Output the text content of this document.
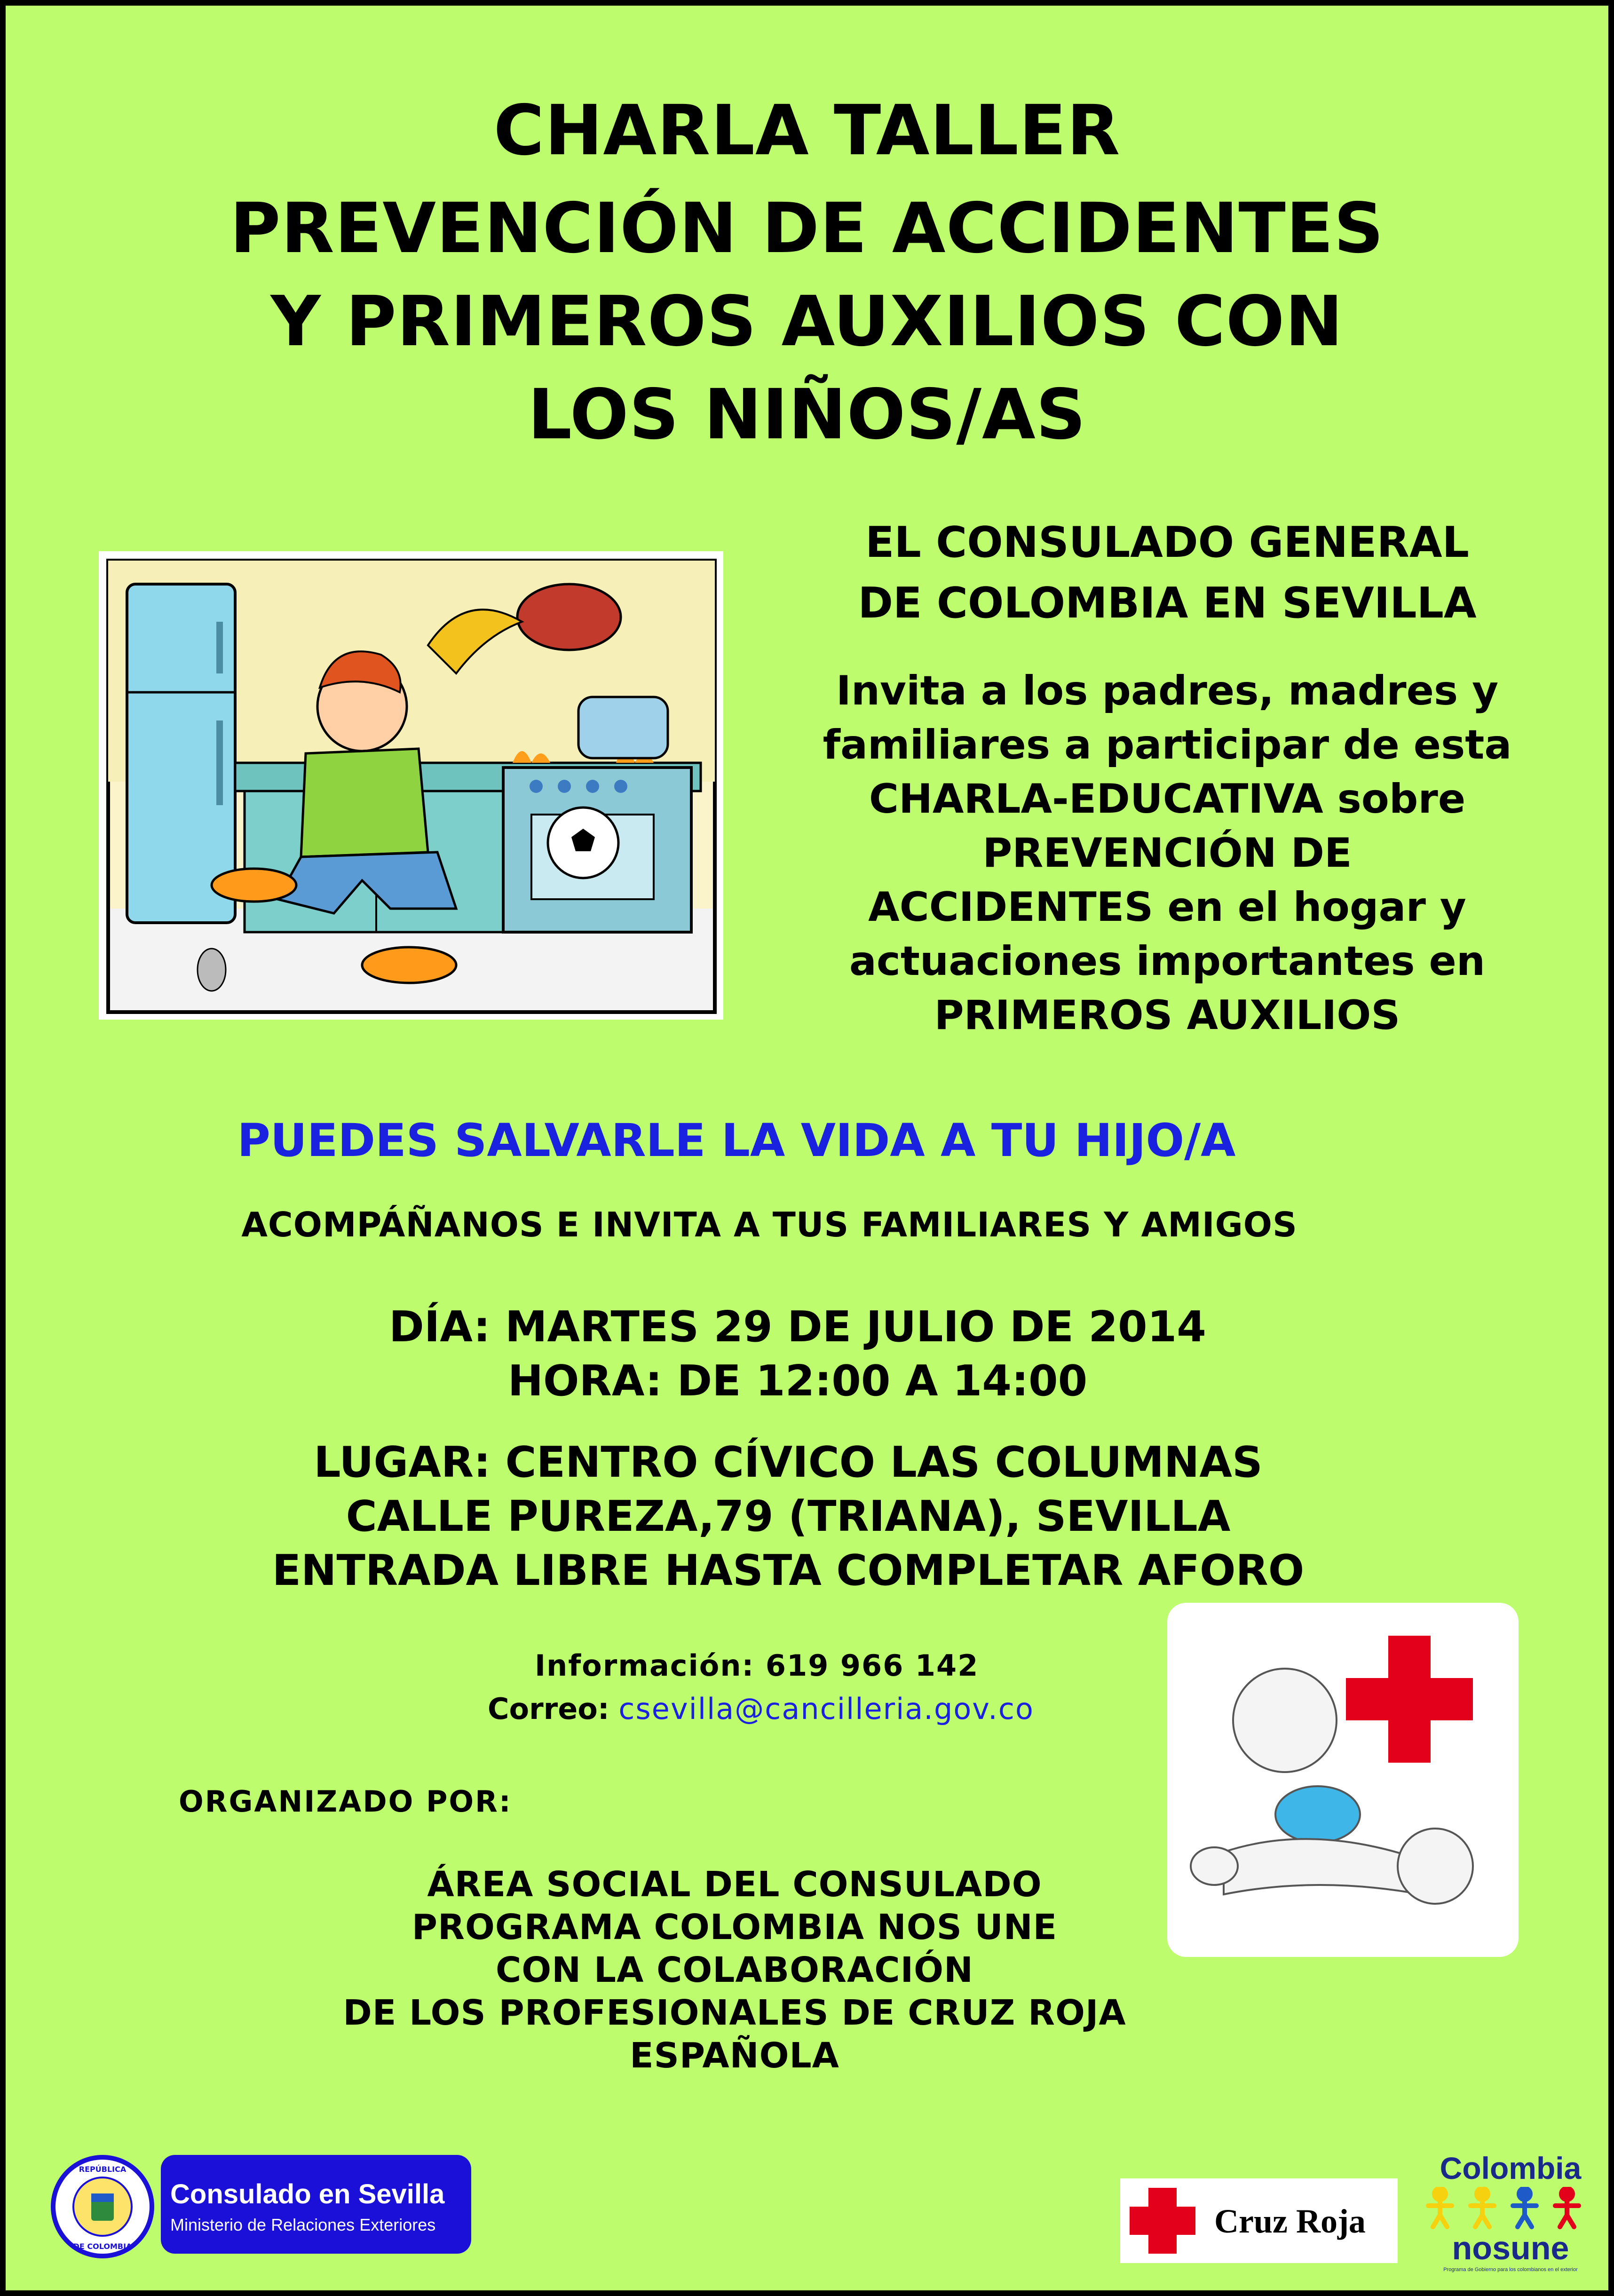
CHARLA TALLER
PREVENCIÓN DE ACCIDENTES
Y PRIMEROS AUXILIOS CON
LOS NIÑOS/AS
EL CONSULADO GENERAL
DE COLOMBIA EN SEVILLA
Invita a los padres, madres y
familiares a participar de esta
CHARLA-EDUCATIVA sobre
PREVENCIÓN DE
ACCIDENTES en el hogar y
actuaciones importantes en
PRIMEROS AUXILIOS
PUEDES SALVARLE LA VIDA A TU HIJO/A
ACOMPÁÑANOS E INVITA A TUS FAMILIARES Y AMIGOS
DÍA: MARTES 29 DE JULIO DE 2014
HORA: DE 12:00 A 14:00
LUGAR: CENTRO CÍVICO LAS COLUMNAS
CALLE PUREZA,79 (TRIANA), SEVILLA
ENTRADA LIBRE HASTA COMPLETAR AFORO
Información: 619 966 142
Correo: csevilla@cancilleria.gov.co
ORGANIZADO POR:
ÁREA SOCIAL DEL CONSULADO
PROGRAMA COLOMBIA NOS UNE
CON LA COLABORACIÓN
DE LOS PROFESIONALES DE CRUZ ROJA
ESPAÑOLA
REPÚBLICA
DE COLOMBIA
Consulado en Sevilla
Ministerio de Relaciones Exteriores	Cruz Roja
Colombia
nosune
Programa de Gobierno para los colombianos en el exterior
